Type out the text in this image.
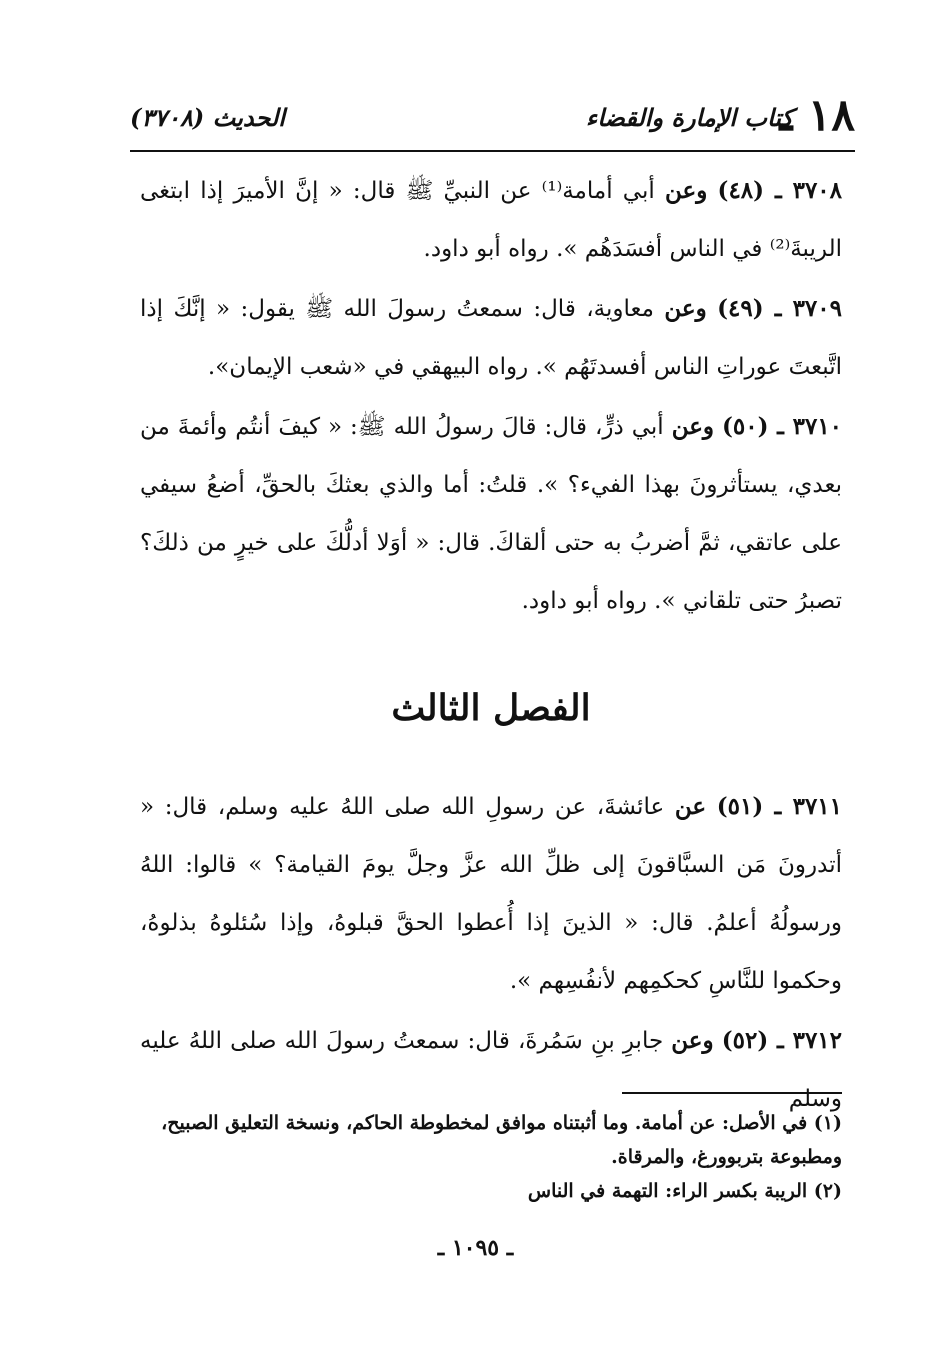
١٨ ـ
كتاب الإمارة والقضاء
الحديث (٣٧٠٨)

٣٧٠٨ ـ (٤٨) وعن أبي أمامة⁽¹⁾ عن النبيِّ ﷺ قال: « إنَّ الأميرَ إذا ابتغى الريبةَ⁽²⁾ في الناس أفسَدَهُم ». رواه أبو داود.

٣٧٠٩ ـ (٤٩) وعن معاوية، قال: سمعتُ رسولَ الله ﷺ يقول: « إنَّكَ إذا اتَّبعتَ عوراتِ الناس أفسدتَهُم ». رواه البيهقي في «شعب الإيمان».

٣٧١٠ ـ (٥٠) وعن أبي ذرٍّ، قال: قالَ رسولُ الله ﷺ: « كيفَ أنتُم وأئمةَ من بعدي، يستأثرونَ بهذا الفيء؟ ». قلتُ: أما والذي بعثكَ بالحقِّ، أضعُ سيفي على عاتقي، ثمَّ أضربُ به حتى ألقاكَ. قال: « أوَلا أدلُّكَ على خيرٍ من ذلكَ؟ تصبرُ حتى تلقاني ». رواه أبو داود.

الفصل الثالث

٣٧١١ ـ (٥١) عن عائشةَ، عن رسولِ الله صلى اللهُ عليه وسلم، قال: « أتدرونَ مَن السبَّاقونَ إلى ظلِّ الله عزَّ وجلَّ يومَ القيامة؟ » قالوا: اللهُ ورسولُهُ أعلمُ. قال: « الذينَ إذا أُعطوا الحقَّ قبلوهُ، وإذا سُئلوهُ بذلوهُ، وحكموا للنَّاسِ كحكمِهم لأنفُسِهم ».

٣٧١٢ ـ (٥٢) وعن جابرِ بنِ سَمُرةَ، قال: سمعتُ رسولَ الله صلى اللهُ عليه وسلم

(١) في الأصل: عن أمامة. وما أثبتناه موافق لمخطوطة الحاكم، ونسخة التعليق الصبيح، ومطبوعة بتربوورغ، والمرقاة.

(٢) الريبة بكسر الراء: التهمة في الناس

ـ ١٠٩٥ ـ
